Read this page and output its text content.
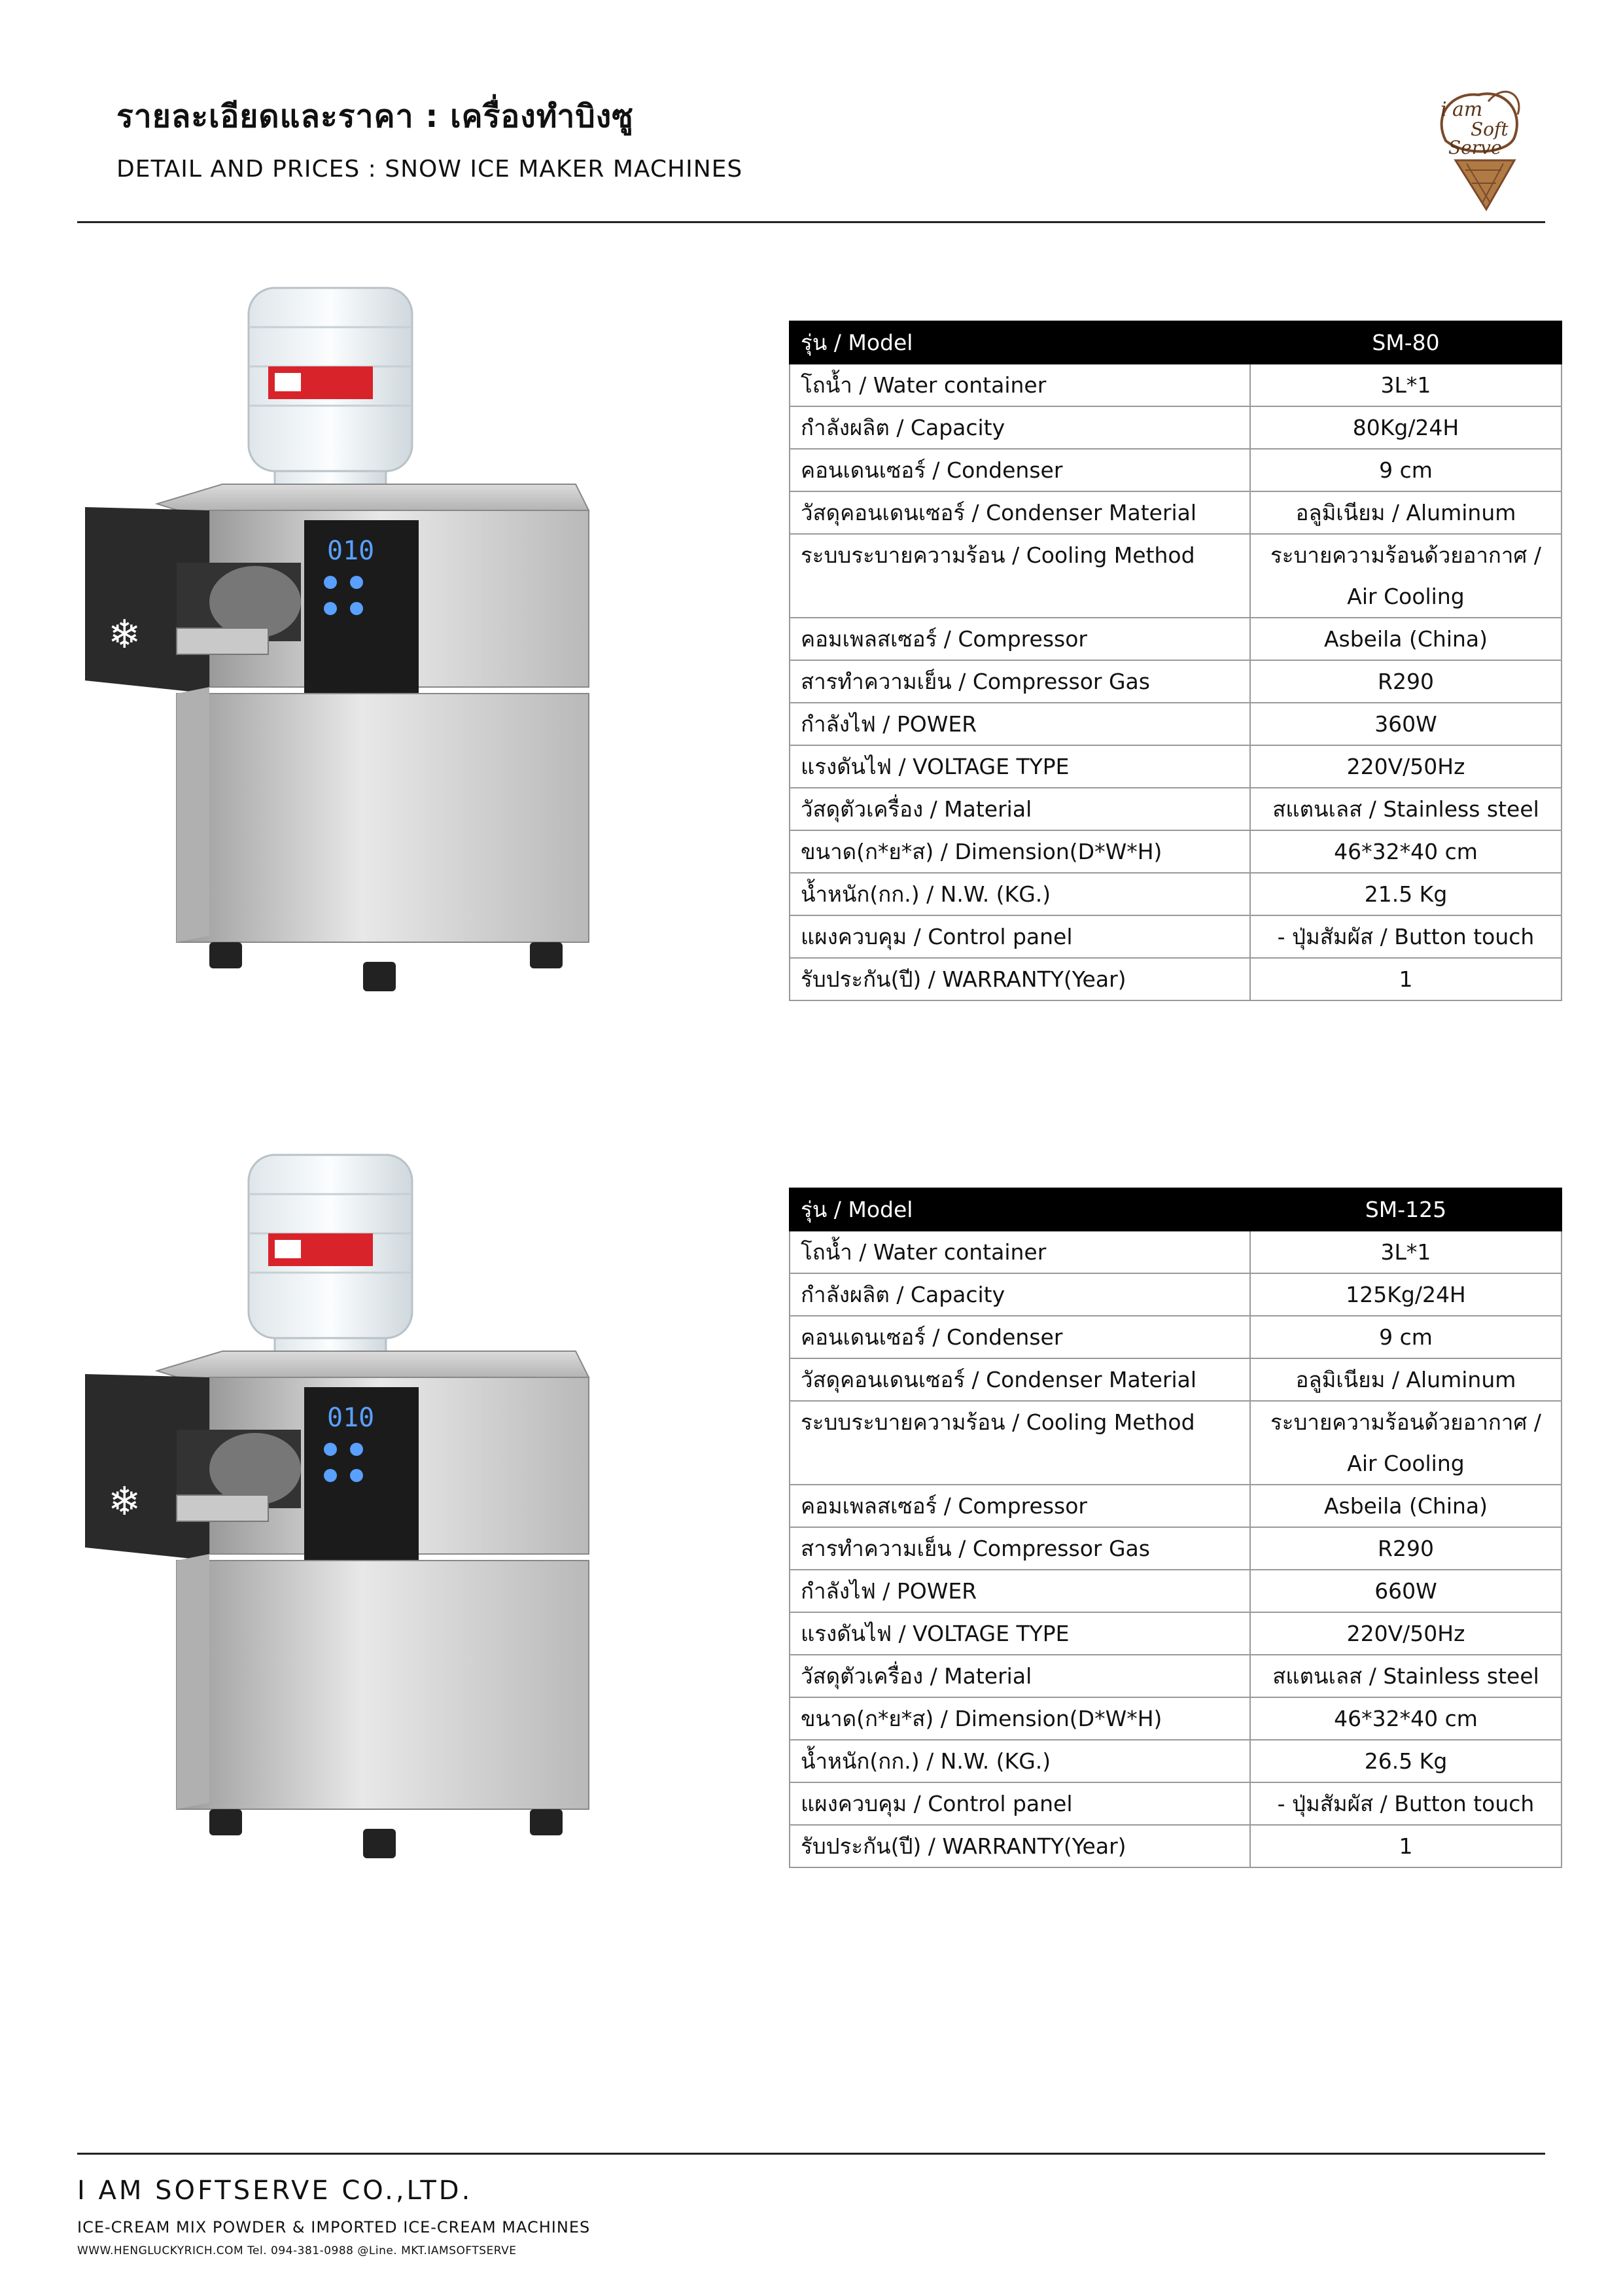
รายละเอียดและราคา : เครื่องทำบิงซู
DETAIL AND PRICES : SNOW ICE MAKER MACHINES
i am
Soft
Serve
010
❄
รุ่น / Model	SM-80
โถน้ำ / Water container	3L*1
กำลังผลิต / Capacity	80Kg/24H
คอนเดนเซอร์ / Condenser	9 cm
วัสดุคอนเดนเซอร์ / Condenser Material	อลูมิเนียม / Aluminum
ระบบระบายความร้อน / Cooling Method	ระบายความร้อนด้วยอากาศ / Air Cooling
คอมเพลสเซอร์ / Compressor	Asbeila (China)
สารทำความเย็น / Compressor Gas	R290
กำลังไฟ / POWER	360W
แรงดันไฟ / VOLTAGE TYPE	220V/50Hz
วัสดุตัวเครื่อง / Material	สแตนเลส / Stainless steel
ขนาด(ก*ย*ส) / Dimension(D*W*H)	46*32*40 cm
น้ำหนัก(กก.) / N.W. (KG.)	21.5 Kg
แผงควบคุม / Control panel	- ปุ่มสัมผัส / Button touch
รับประกัน(ปี) / WARRANTY(Year)	1
010
❄
รุ่น / Model	SM-125
โถน้ำ / Water container	3L*1
กำลังผลิต / Capacity	125Kg/24H
คอนเดนเซอร์ / Condenser	9 cm
วัสดุคอนเดนเซอร์ / Condenser Material	อลูมิเนียม / Aluminum
ระบบระบายความร้อน / Cooling Method	ระบายความร้อนด้วยอากาศ / Air Cooling
คอมเพลสเซอร์ / Compressor	Asbeila (China)
สารทำความเย็น / Compressor Gas	R290
กำลังไฟ / POWER	660W
แรงดันไฟ / VOLTAGE TYPE	220V/50Hz
วัสดุตัวเครื่อง / Material	สแตนเลส / Stainless steel
ขนาด(ก*ย*ส) / Dimension(D*W*H)	46*32*40 cm
น้ำหนัก(กก.) / N.W. (KG.)	26.5 Kg
แผงควบคุม / Control panel	- ปุ่มสัมผัส / Button touch
รับประกัน(ปี) / WARRANTY(Year)	1
I AM SOFTSERVE CO.,LTD.

ICE-CREAM MIX POWDER & IMPORTED ICE-CREAM MACHINES

WWW.HENGLUCKYRICH.COM Tel. 094-381-0988 @Line. MKT.IAMSOFTSERVE
